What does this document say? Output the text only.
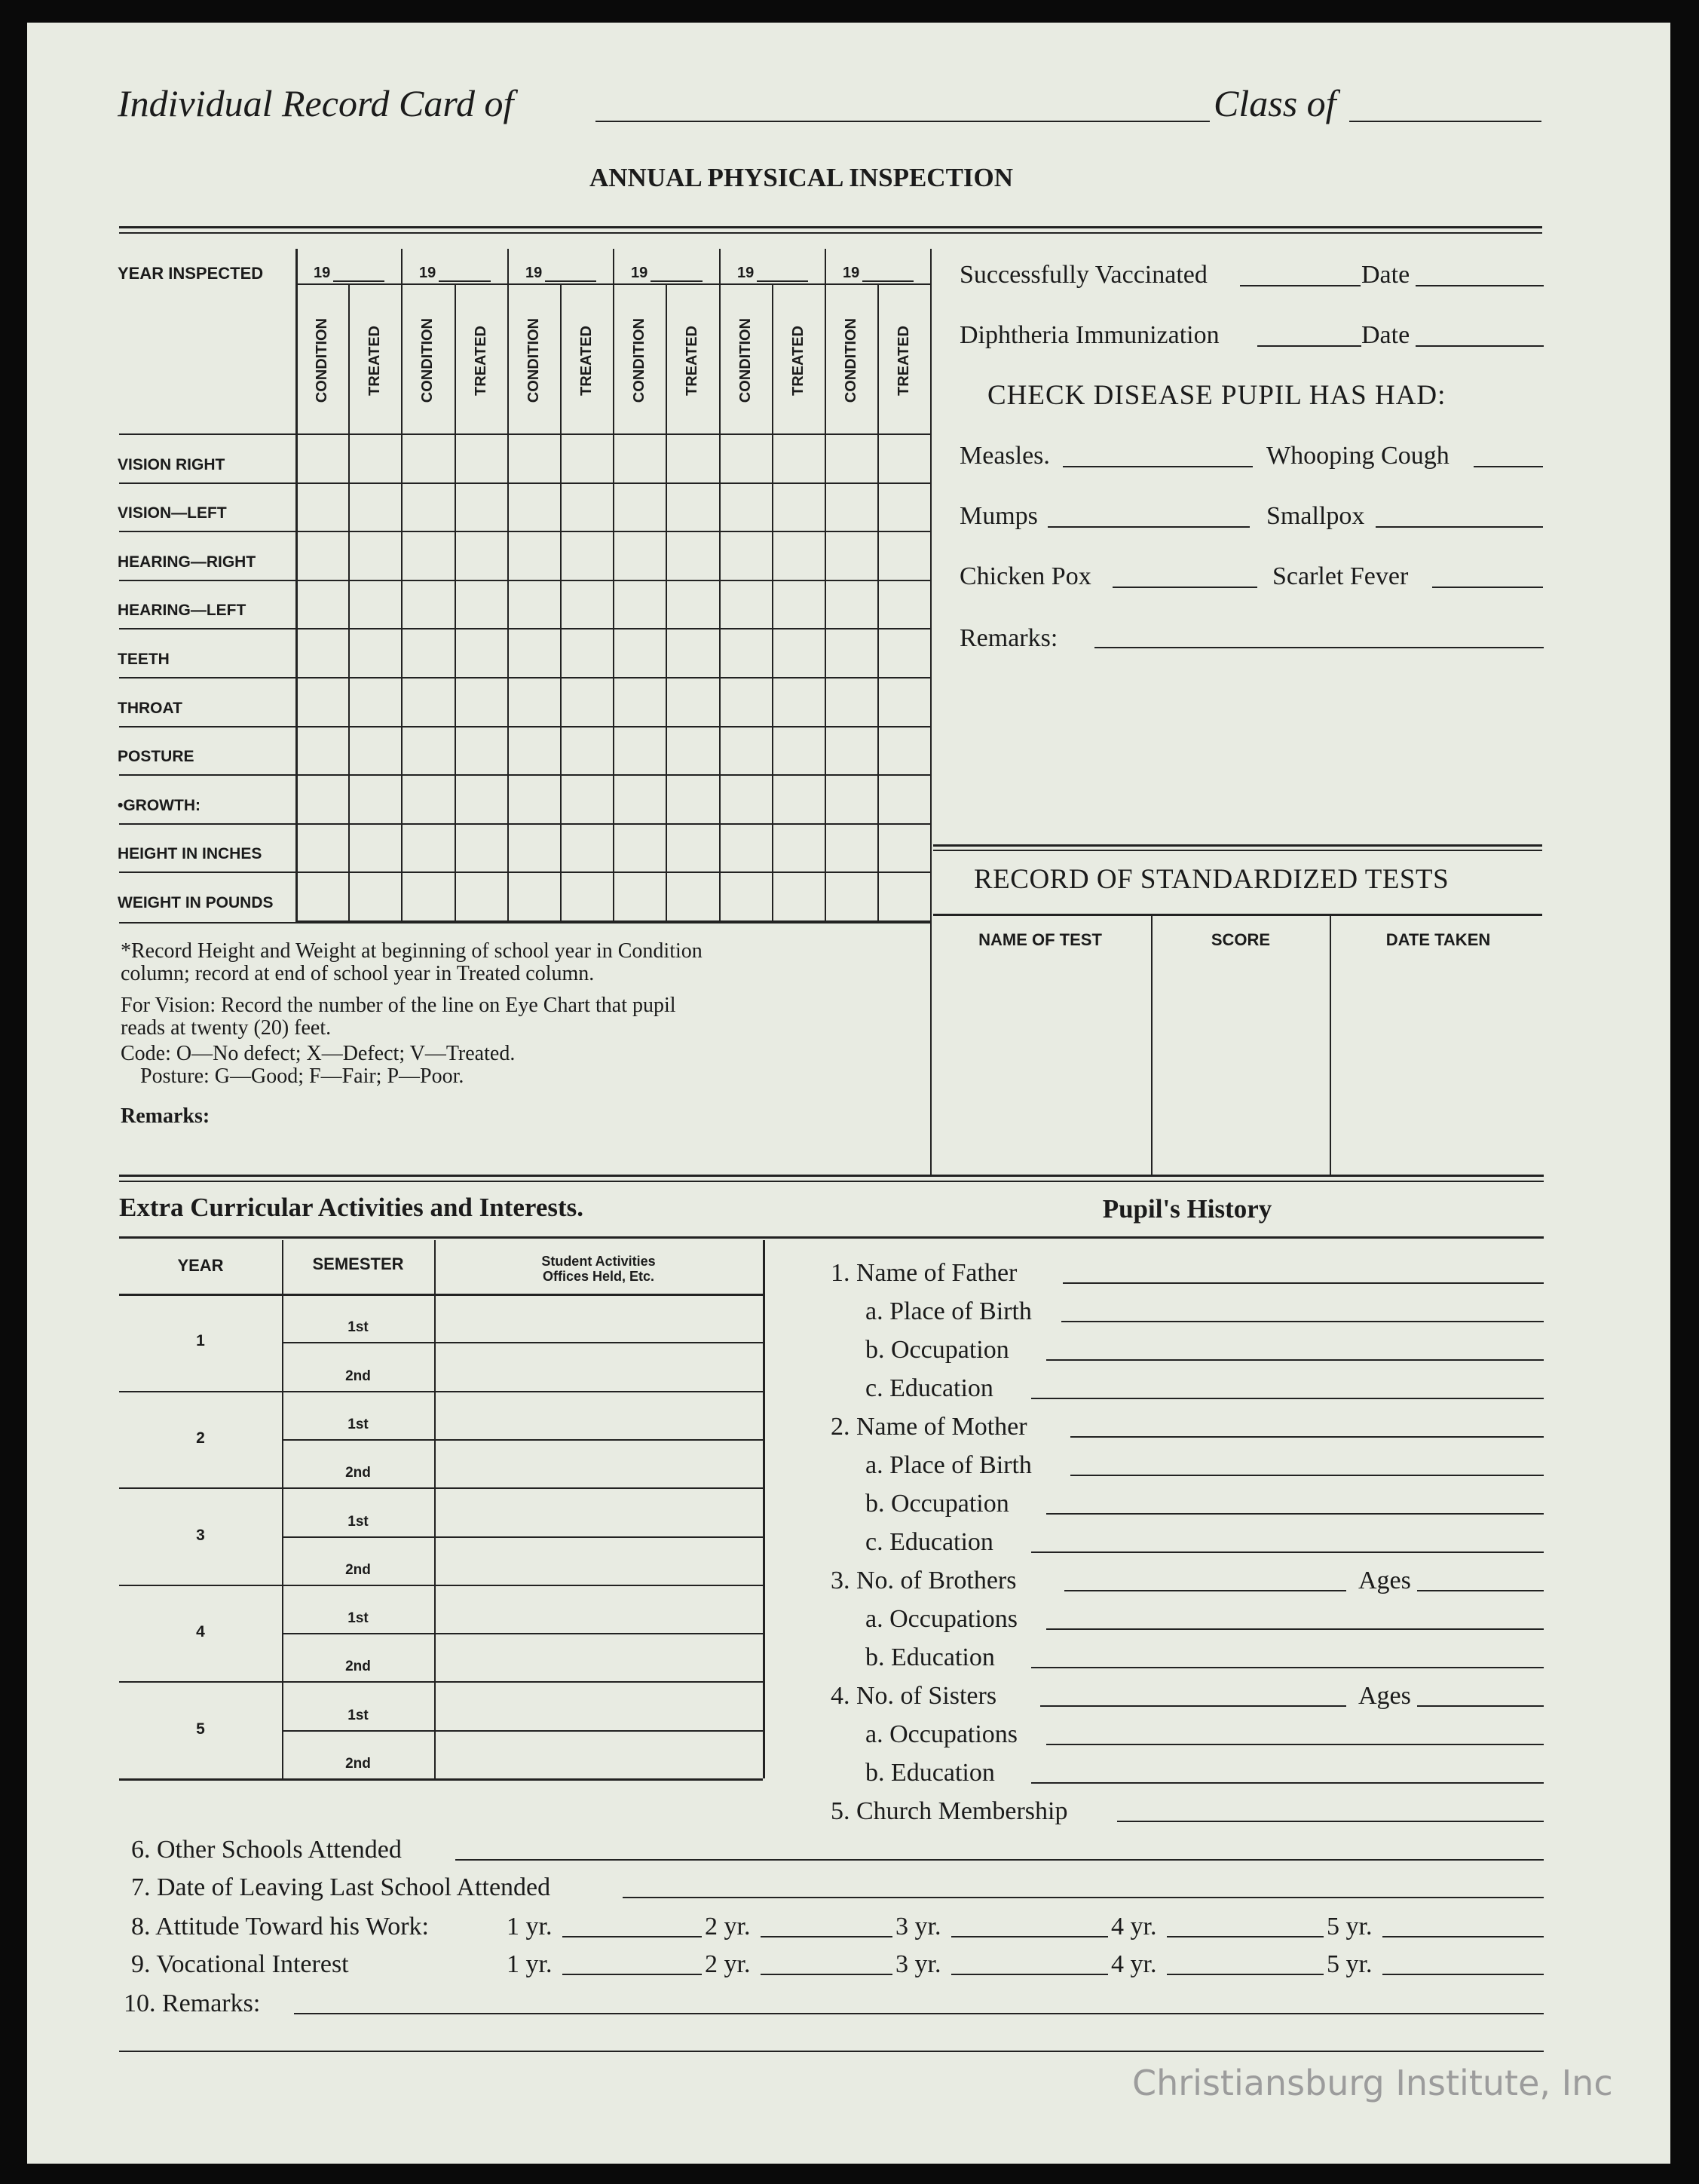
Individual Record Card of	Class of
ANNUAL PHYSICAL INSPECTION
YEAR INSPECTED	19	19	19	19	19	19
CONDITION TREATED CONDITION TREATED CONDITION TREATED CONDITION TREATED CONDITION TREATED CONDITION TREATED
VISION RIGHT
VISION—LEFT
HEARING—RIGHT
HEARING—LEFT
TEETH
THROAT
POSTURE
•GROWTH:
HEIGHT IN INCHES
WEIGHT IN POUNDS
*Record Height and Weight at beginning of school year in Condition
column; record at end of school year in Treated column.
For Vision: Record the number of the line on Eye Chart that pupil
reads at twenty (20) feet.
Code: O—No defect; X—Defect; V—Treated.
Posture: G—Good; F—Fair; P—Poor.
Remarks:
Successfully Vaccinated	Date
Diphtheria Immunization	Date
CHECK DISEASE PUPIL HAS HAD:
Measles.	Whooping Cough
Mumps	Smallpox
Chicken Pox	Scarlet Fever
Remarks:
RECORD OF STANDARDIZED TESTS
NAME OF TEST	SCORE	DATE TAKEN
Extra Curricular Activities and Interests.
YEAR	SEMESTER	Student Activities
Offices Held, Etc.
1
1st
2nd
2
1st
2nd
3
1st
2nd
4
1st
2nd
5
1st
2nd
Pupil's History
1. Name of Father
a. Place of Birth
b. Occupation
c. Education
2. Name of Mother
a. Place of Birth
b. Occupation
c. Education
3. No. of Brothers	Ages
a. Occupations
b. Education
4. No. of Sisters	Ages
a. Occupations
b. Education
5. Church Membership
6. Other Schools Attended
7. Date of Leaving Last School Attended
8. Attitude Toward his Work:	1 yr.	2 yr.	3 yr.	4 yr.	5 yr.
9. Vocational Interest	1 yr.	2 yr.	3 yr.	4 yr.	5 yr.
10. Remarks:
Christiansburg Institute, Inc
